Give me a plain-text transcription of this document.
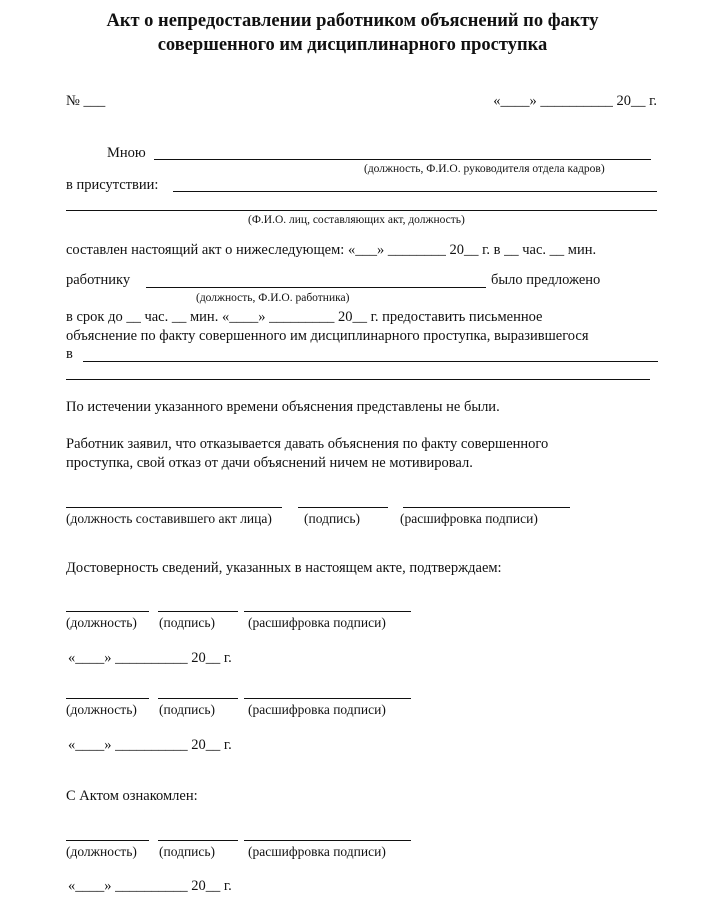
Акт о непредоставлении работником объяснений по факту
совершенного им дисциплинарного проступка
№ ___	«____» __________ 20__ г.
Мною
(должность, Ф.И.О. руководителя отдела кадров)
в присутствии:
(Ф.И.О. лиц, составляющих акт, должность)
составлен настоящий акт о нижеследующем: «___» ________ 20__ г. в __ час. __ мин.
работнику	было предложено
(должность, Ф.И.О. работника)
в срок до __ час. __ мин. «____» _________ 20__ г. предоставить письменное
объяснение по факту совершенного им дисциплинарного проступка, выразившегося
в
По истечении указанного времени объяснения представлены не были.
Работник заявил, что отказывается давать объяснения по факту совершенного
проступка, свой отказ от дачи объяснений ничем не мотивировал.
(должность составившего акт лица) (подпись)	(расшифровка подписи)
Достоверность сведений, указанных в настоящем акте, подтверждаем:
(должность) (подпись) (расшифровка подписи)
«____» __________ 20__ г.
(должность) (подпись) (расшифровка подписи)
«____» __________ 20__ г.
С Актом ознакомлен:
(должность) (подпись) (расшифровка подписи)
«____» __________ 20__ г.
